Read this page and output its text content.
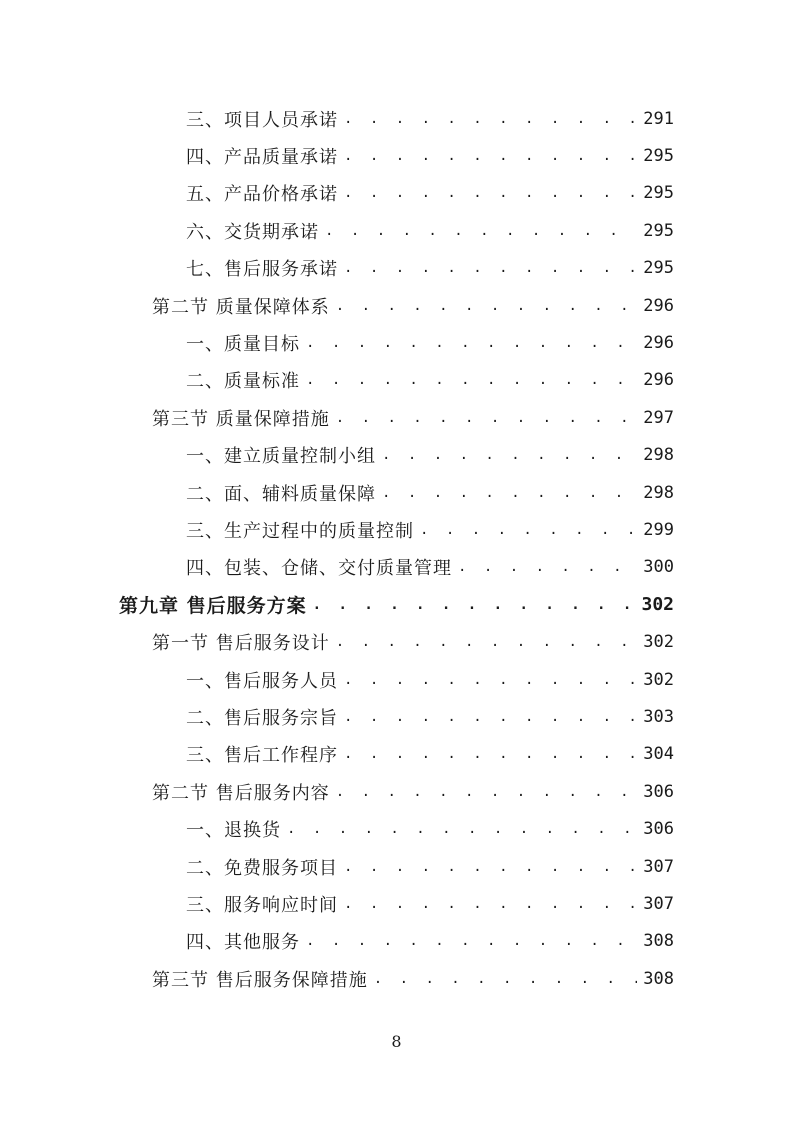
三、项目人员承诺 . . .	291
四、产品质量承诺 . . .	295
五、产品价格承诺 . . .	295
六、交货期承诺 . . .	295
七、售后服务承诺 . . .	295
第二节 质量保障体系 . . .	296
一、质量目标 . . .	296
二、质量标准 . . .	296
第三节 质量保障措施 . . .	297
一、建立质量控制小组 . . .	298
二、面、辅料质量保障 . . .	298
三、生产过程中的质量控制 . . .	299
四、包装、仓储、交付质量管理 . . .	300
第九章 售后服务方案 . . .	302
第一节 售后服务设计 . . .	302
一、售后服务人员 . . .	302
二、售后服务宗旨 . . .	303
三、售后工作程序 . . .	304
第二节 售后服务内容 . . .	306
一、退换货 . . .	306
二、免费服务项目 . . .	307
三、服务响应时间 . . .	307
四、其他服务 . . .	308
第三节 售后服务保障措施 . . .	308
8
